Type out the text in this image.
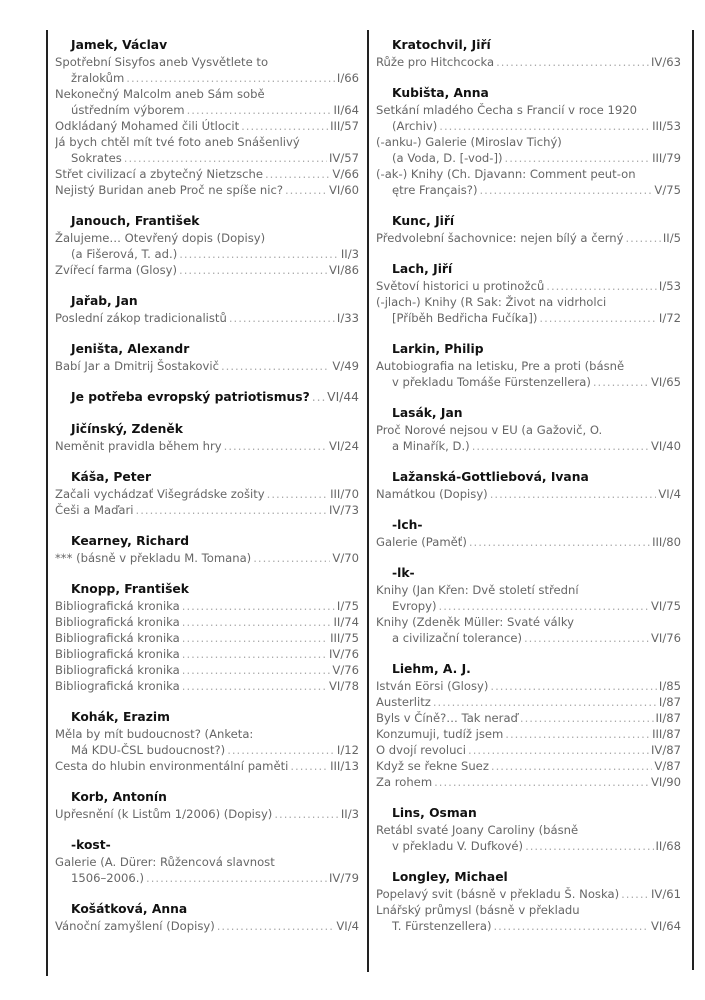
Jamek, Václav
Spotřební Sisyfos aneb Vysvětlete to
žralokům .....	I/66
Nekonečný Malcolm aneb Sám sobě
ústředním výborem .....	II/64
Odkládaný Mohamed čili Útlocit .....	III/57
Já bych chtěl mít tvé foto aneb Snášenlivý
Sokrates .....	IV/57
Střet civilizací a zbytečný Nietzsche .....	V/66
Nejistý Buridan aneb Proč ne spíše nic? .....	VI/60
Janouch, František
Žalujeme… Otevřený dopis (Dopisy)
(a Fišerová, T. ad.) .....	II/3
Zvířecí farma (Glosy) .....	VI/86
Jařab, Jan
Poslední zákop tradicionalistů .....	I/33
Jeništa, Alexandr
Babí Jar a Dmitrij Šostakovič .....	V/49
Je potřeba evropský patriotismus? ..... VI/44
Jičínský, Zdeněk
Neměnit pravidla během hry .....	VI/24
Káša, Peter
Začali vychádzať Višegrádske zošity .....	III/70
Češi a Maďari .....	IV/73
Kearney, Richard
*** (básně v překladu M. Tomana) .....	V/70
Knopp, František
Bibliografická kronika .....	I/75
Bibliografická kronika .....	II/74
Bibliografická kronika .....	III/75
Bibliografická kronika .....	IV/76
Bibliografická kronika .....	V/76
Bibliografická kronika .....	VI/78
Kohák, Erazim
Měla by mít budoucnost? (Anketa:
Má KDU-ČSL budoucnost?) .....	I/12
Cesta do hlubin environmentální paměti .....	III/13
Korb, Antonín
Upřesnění (k Listům 1/2006) (Dopisy) .....	II/3
-kost-
Galerie (A. Dürer: Růžencová slavnost
1506–2006.) .....	IV/79
Košátková, Anna
Vánoční zamyšlení (Dopisy) .....	VI/4
Kratochvil, Jiří
Růže pro Hitchcocka .....	IV/63
Kubišta, Anna
Setkání mladého Čecha s Francií v roce 1920
(Archiv) .....	III/53
(-anku-) Galerie (Miroslav Tichý)
(a Voda, D. [-vod-]) .....	III/79
(-ak-) Knihy (Ch. Djavann: Comment peut-on
ętre Français?) .....	V/75
Kunc, Jiří
Předvolební šachovnice: nejen bílý a černý .....	II/5
Lach, Jiří
Světoví historici u protinožců .....	I/53
(-jlach-) Knihy (R Sak: Život na vidrholci
[Příběh Bedřicha Fučíka]) .....	I/72
Larkin, Philip
Autobiografia na letisku, Pre a proti (básně
v překladu Tomáše Fürstenzellera) .....	VI/65
Lasák, Jan
Proč Norové nejsou v EU (a Gažovič, O.
a Minařík, D.) .....	VI/40
Lažanská-Gottliebová, Ivana
Namátkou (Dopisy) .....	VI/4
-lch-
Galerie (Paměť) .....	III/80
-lk-
Knihy (Jan Křen: Dvě století střední
Evropy) .....	VI/75
Knihy (Zdeněk Müller: Svaté války
a civilizační tolerance) .....	VI/76
Liehm, A. J.
István Eörsi (Glosy) .....	I/85
Austerlitz .....	I/87
Byls v Číně?… Tak neraď .....	II/87
Konzumuji, tudíž jsem .....	III/87
O dvojí revoluci .....	IV/87
Když se řekne Suez .....	V/87
Za rohem .....	VI/90
Lins, Osman
Retábl svaté Joany Caroliny (básně
v překladu V. Dufkové) .....	II/68
Longley, Michael
Popelavý svit (básně v překladu Š. Noska) .....	IV/61
Lnářský průmysl (básně v překladu
T. Fürstenzellera) .....	VI/64
